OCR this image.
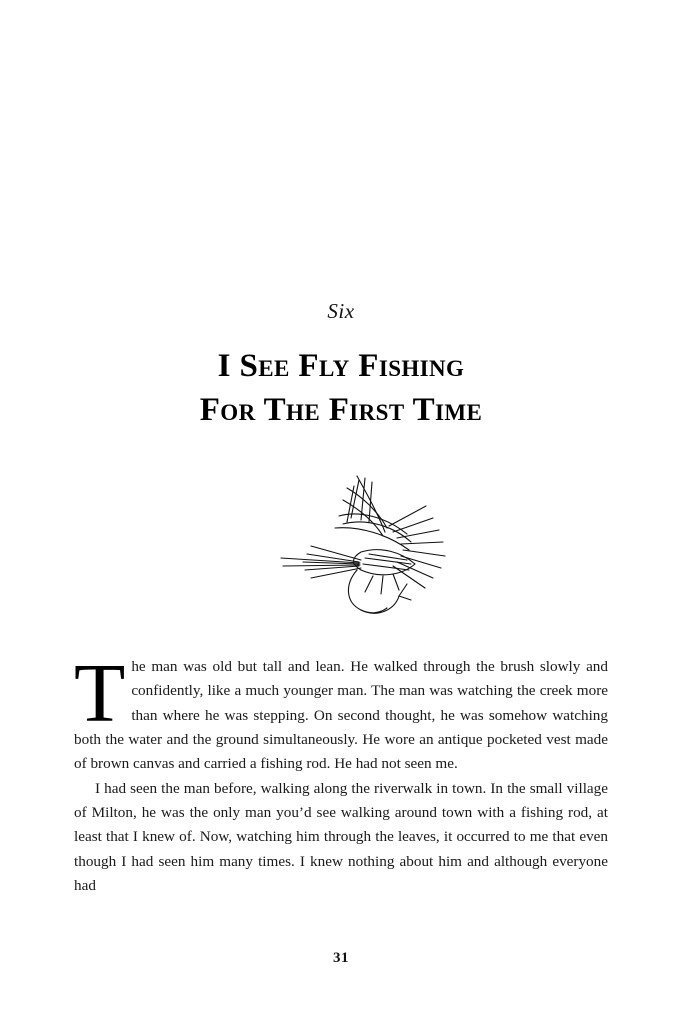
Six
I See Fly Fishing
For The First Time

The man was old but tall and lean. He walked through the brush slowly and confidently, like a much younger man. The man was watching the creek more than where he was stepping. On second thought, he was somehow watching both the water and the ground simultaneously. He wore an antique pocketed vest made of brown canvas and carried a fishing rod. He had not seen me.

I had seen the man before, walking along the riverwalk in town. In the small village of Milton, he was the only man you’d see walking around town with a fishing rod, at least that I knew of. Now, watching him through the leaves, it occurred to me that even though I had seen him many times. I knew nothing about him and although everyone had

31
